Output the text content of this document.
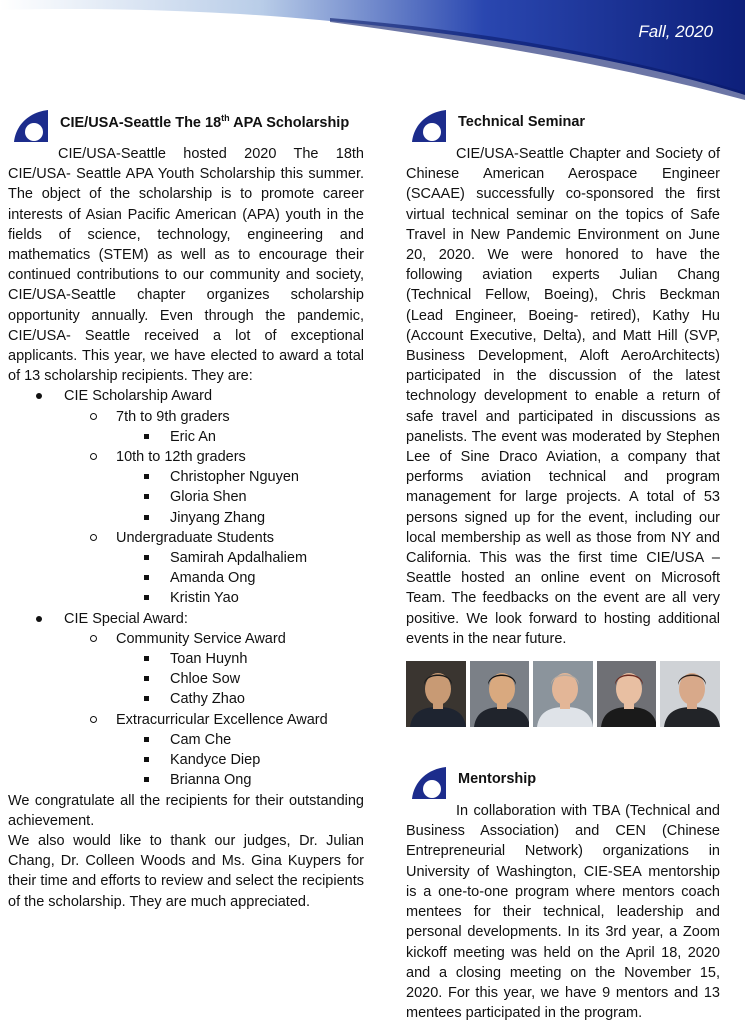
Fall, 2020
CIE/USA-Seattle The 18th APA Scholarship

CIE/USA-Seattle hosted 2020 The 18th CIE/USA- Seattle APA Youth Scholarship this summer. The object of the scholarship is to promote career interests of Asian Pacific American (APA) youth in the fields of science, technology, engineering and mathematics (STEM) as well as to encourage their continued contributions to our community and society, CIE/USA-Seattle chapter organizes scholarship opportunity annually. Even through the pandemic, CIE/USA- Seattle received a lot of exceptional applicants. This year, we have elected to award a total of 13 scholarship recipients. They are:

CIE Scholarship Award
7th to 9th graders
Eric An
10th to 12th graders
Christopher Nguyen
Gloria Shen
Jinyang Zhang
Undergraduate Students
Samirah Apdalhaliem
Amanda Ong
Kristin Yao
CIE Special Award:
Community Service Award
Toan Huynh
Chloe Sow
Cathy Zhao
Extracurricular Excellence Award
Cam Che
Kandyce Diep
Brianna Ong

We congratulate all the recipients for their outstanding achievement.

We also would like to thank our judges, Dr. Julian Chang, Dr. Colleen Woods and Ms. Gina Kuypers for their time and efforts to review and select the recipients of the scholarship. They are much appreciated.

Technical Seminar

CIE/USA-Seattle Chapter and Society of Chinese American Aerospace Engineer (SCAAE) successfully co-sponsored the first virtual technical seminar on the topics of Safe Travel in New Pandemic Environment on June 20, 2020. We were honored to have the following aviation experts Julian Chang (Technical Fellow, Boeing), Chris Beckman (Lead Engineer, Boeing- retired), Kathy Hu (Account Executive, Delta), and Matt Hill (SVP, Business Development, Aloft AeroArchitects) participated in the discussion of the latest technology development to enable a return of safe travel and participated in discussions as panelists. The event was moderated by Stephen Lee of Sine Draco Aviation, a company that performs aviation technical and program management for large projects. A total of 53 persons signed up for the event, including our local membership as well as those from NY and California. This was the first time CIE/USA – Seattle hosted an online event on Microsoft Team. The feedbacks on the event are all very positive. We look forward to hosting additional events in the near future.

Mentorship

In collaboration with TBA (Technical and Business Association) and CEN (Chinese Entrepreneurial Network) organizations in University of Washington, CIE-SEA mentorship is a one-to-one program where mentors coach mentees for their technical, leadership and personal developments. In its 3rd year, a Zoom kickoff meeting was held on the April 18, 2020 and a closing meeting on the November 15, 2020. For this year, we have 9 mentors and 13 mentees participated in the program.
